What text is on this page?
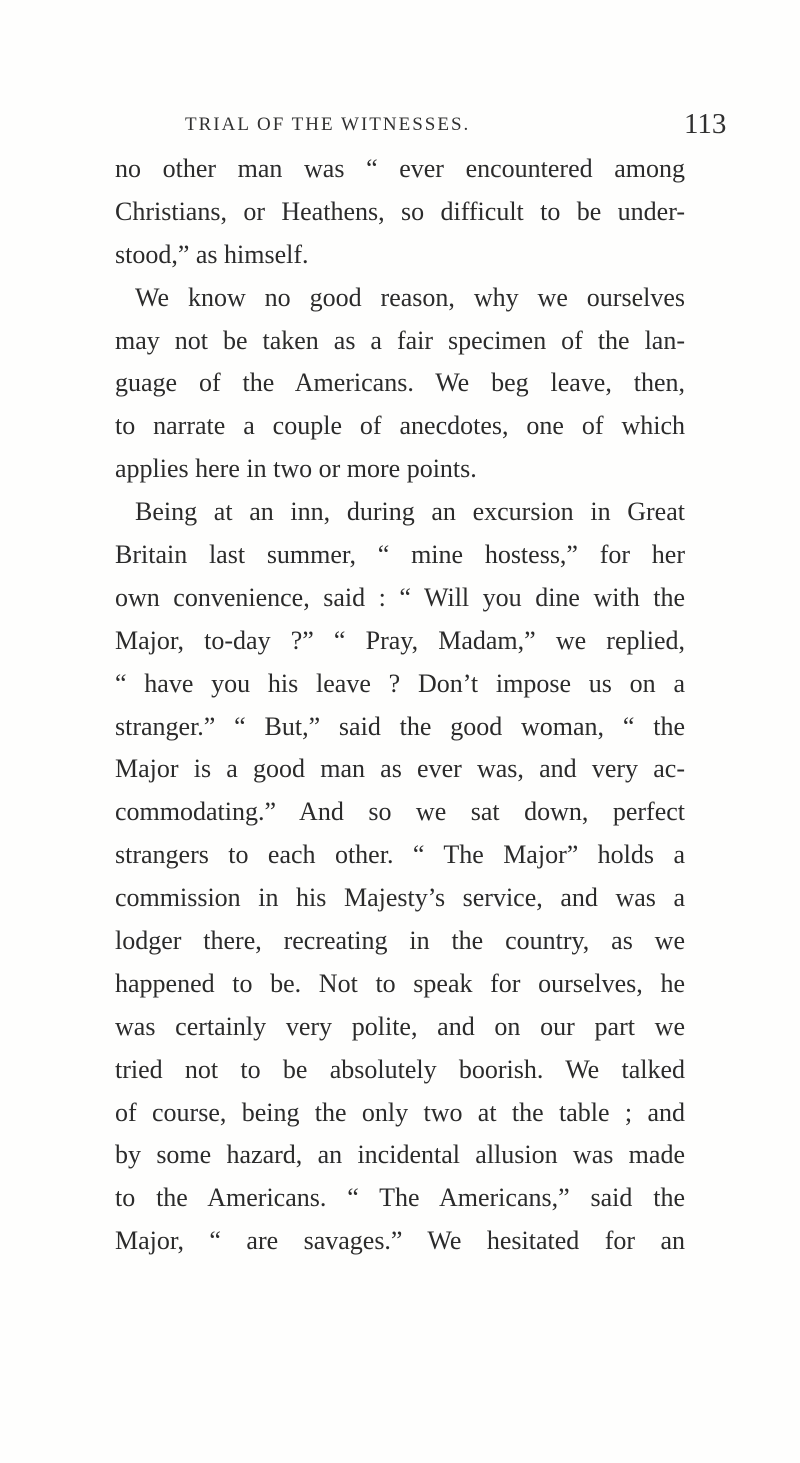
TRIAL OF THE WITNESSES.	113
no other man was “ ever encountered among
Christians, or Heathens, so difficult to be under-
stood,” as himself.
We know no good reason, why we ourselves
may not be taken as a fair specimen of the lan-
guage of the Americans. We beg leave, then,
to narrate a couple of anecdotes, one of which
applies here in two or more points.
Being at an inn, during an excursion in Great
Britain last summer, “ mine hostess,” for her
own convenience, said : “ Will you dine with the
Major, to-day ?” “ Pray, Madam,” we replied,
“ have you his leave ? Don’t impose us on a
stranger.” “ But,” said the good woman, “ the
Major is a good man as ever was, and very ac-
commodating.” And so we sat down, perfect
strangers to each other. “ The Major” holds a
commission in his Majesty’s service, and was a
lodger there, recreating in the country, as we
happened to be. Not to speak for ourselves, he
was certainly very polite, and on our part we
tried not to be absolutely boorish. We talked
of course, being the only two at the table ; and
by some hazard, an incidental allusion was made
to the Americans. “ The Americans,” said the
Major, “ are savages.” We hesitated for an
